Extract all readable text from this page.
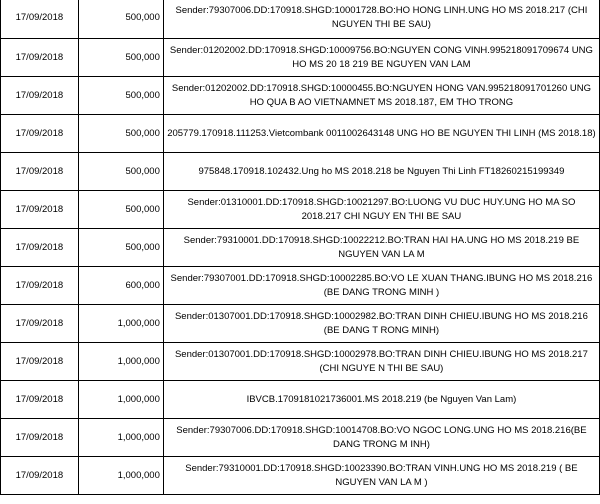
17/09/2018	500,000	Sender:79307006.DD:170918.SHGD:10001728.BO:HO HONG LINH.UNG HO MS 2018.217 (CHI NGUYEN THI BE SAU)
17/09/2018	500,000	Sender:01202002.DD:170918.SHGD:10009756.BO:NGUYEN CONG VINH.995218091709674 UNG HO MS 20 18 219 BE NGUYEN VAN LAM
17/09/2018	500,000	Sender:01202002.DD:170918.SHGD:10000455.BO:NGUYEN HONG VAN.995218091701260 UNG HO QUA B AO VIETNAMNET MS 2018.187, EM THO TRONG
17/09/2018	500,000	205779.170918.111253.Vietcombank 0011002643148 UNG HO BE NGUYEN THI LINH (MS 2018.18)
17/09/2018	500,000	975848.170918.102432.Ung ho MS 2018.218 be Nguyen Thi Linh FT18260215199349
17/09/2018	500,000	Sender:01310001.DD:170918.SHGD:10021297.BO:LUONG VU DUC HUY.UNG HO MA SO 2018.217 CHI NGUY EN THI BE SAU
17/09/2018	500,000	Sender:79310001.DD:170918.SHGD:10022212.BO:TRAN HAI HA.UNG HO MS 2018.219 BE NGUYEN VAN LA M
17/09/2018	600,000	Sender:79307001.DD:170918.SHGD:10002285.BO:VO LE XUAN THANG.IBUNG HO MS 2018.216 (BE DANG TRONG MINH )
17/09/2018	1,000,000	Sender:01307001.DD:170918.SHGD:10002982.BO:TRAN DINH CHIEU.IBUNG HO MS 2018.216 (BE DANG T RONG MINH)
17/09/2018	1,000,000	Sender:01307001.DD:170918.SHGD:10002978.BO:TRAN DINH CHIEU.IBUNG HO MS 2018.217 (CHI NGUYE N THI BE SAU)
17/09/2018	1,000,000	IBVCB.1709181021736001.MS 2018.219 (be Nguyen Van Lam)
17/09/2018	1,000,000	Sender:79307006.DD:170918.SHGD:10014708.BO:VO NGOC LONG.UNG HO MS 2018.216(BE DANG TRONG M INH)
17/09/2018	1,000,000	Sender:79310001.DD:170918.SHGD:10023390.BO:TRAN VINH.UNG HO MS 2018.219 ( BE NGUYEN VAN LA M )
